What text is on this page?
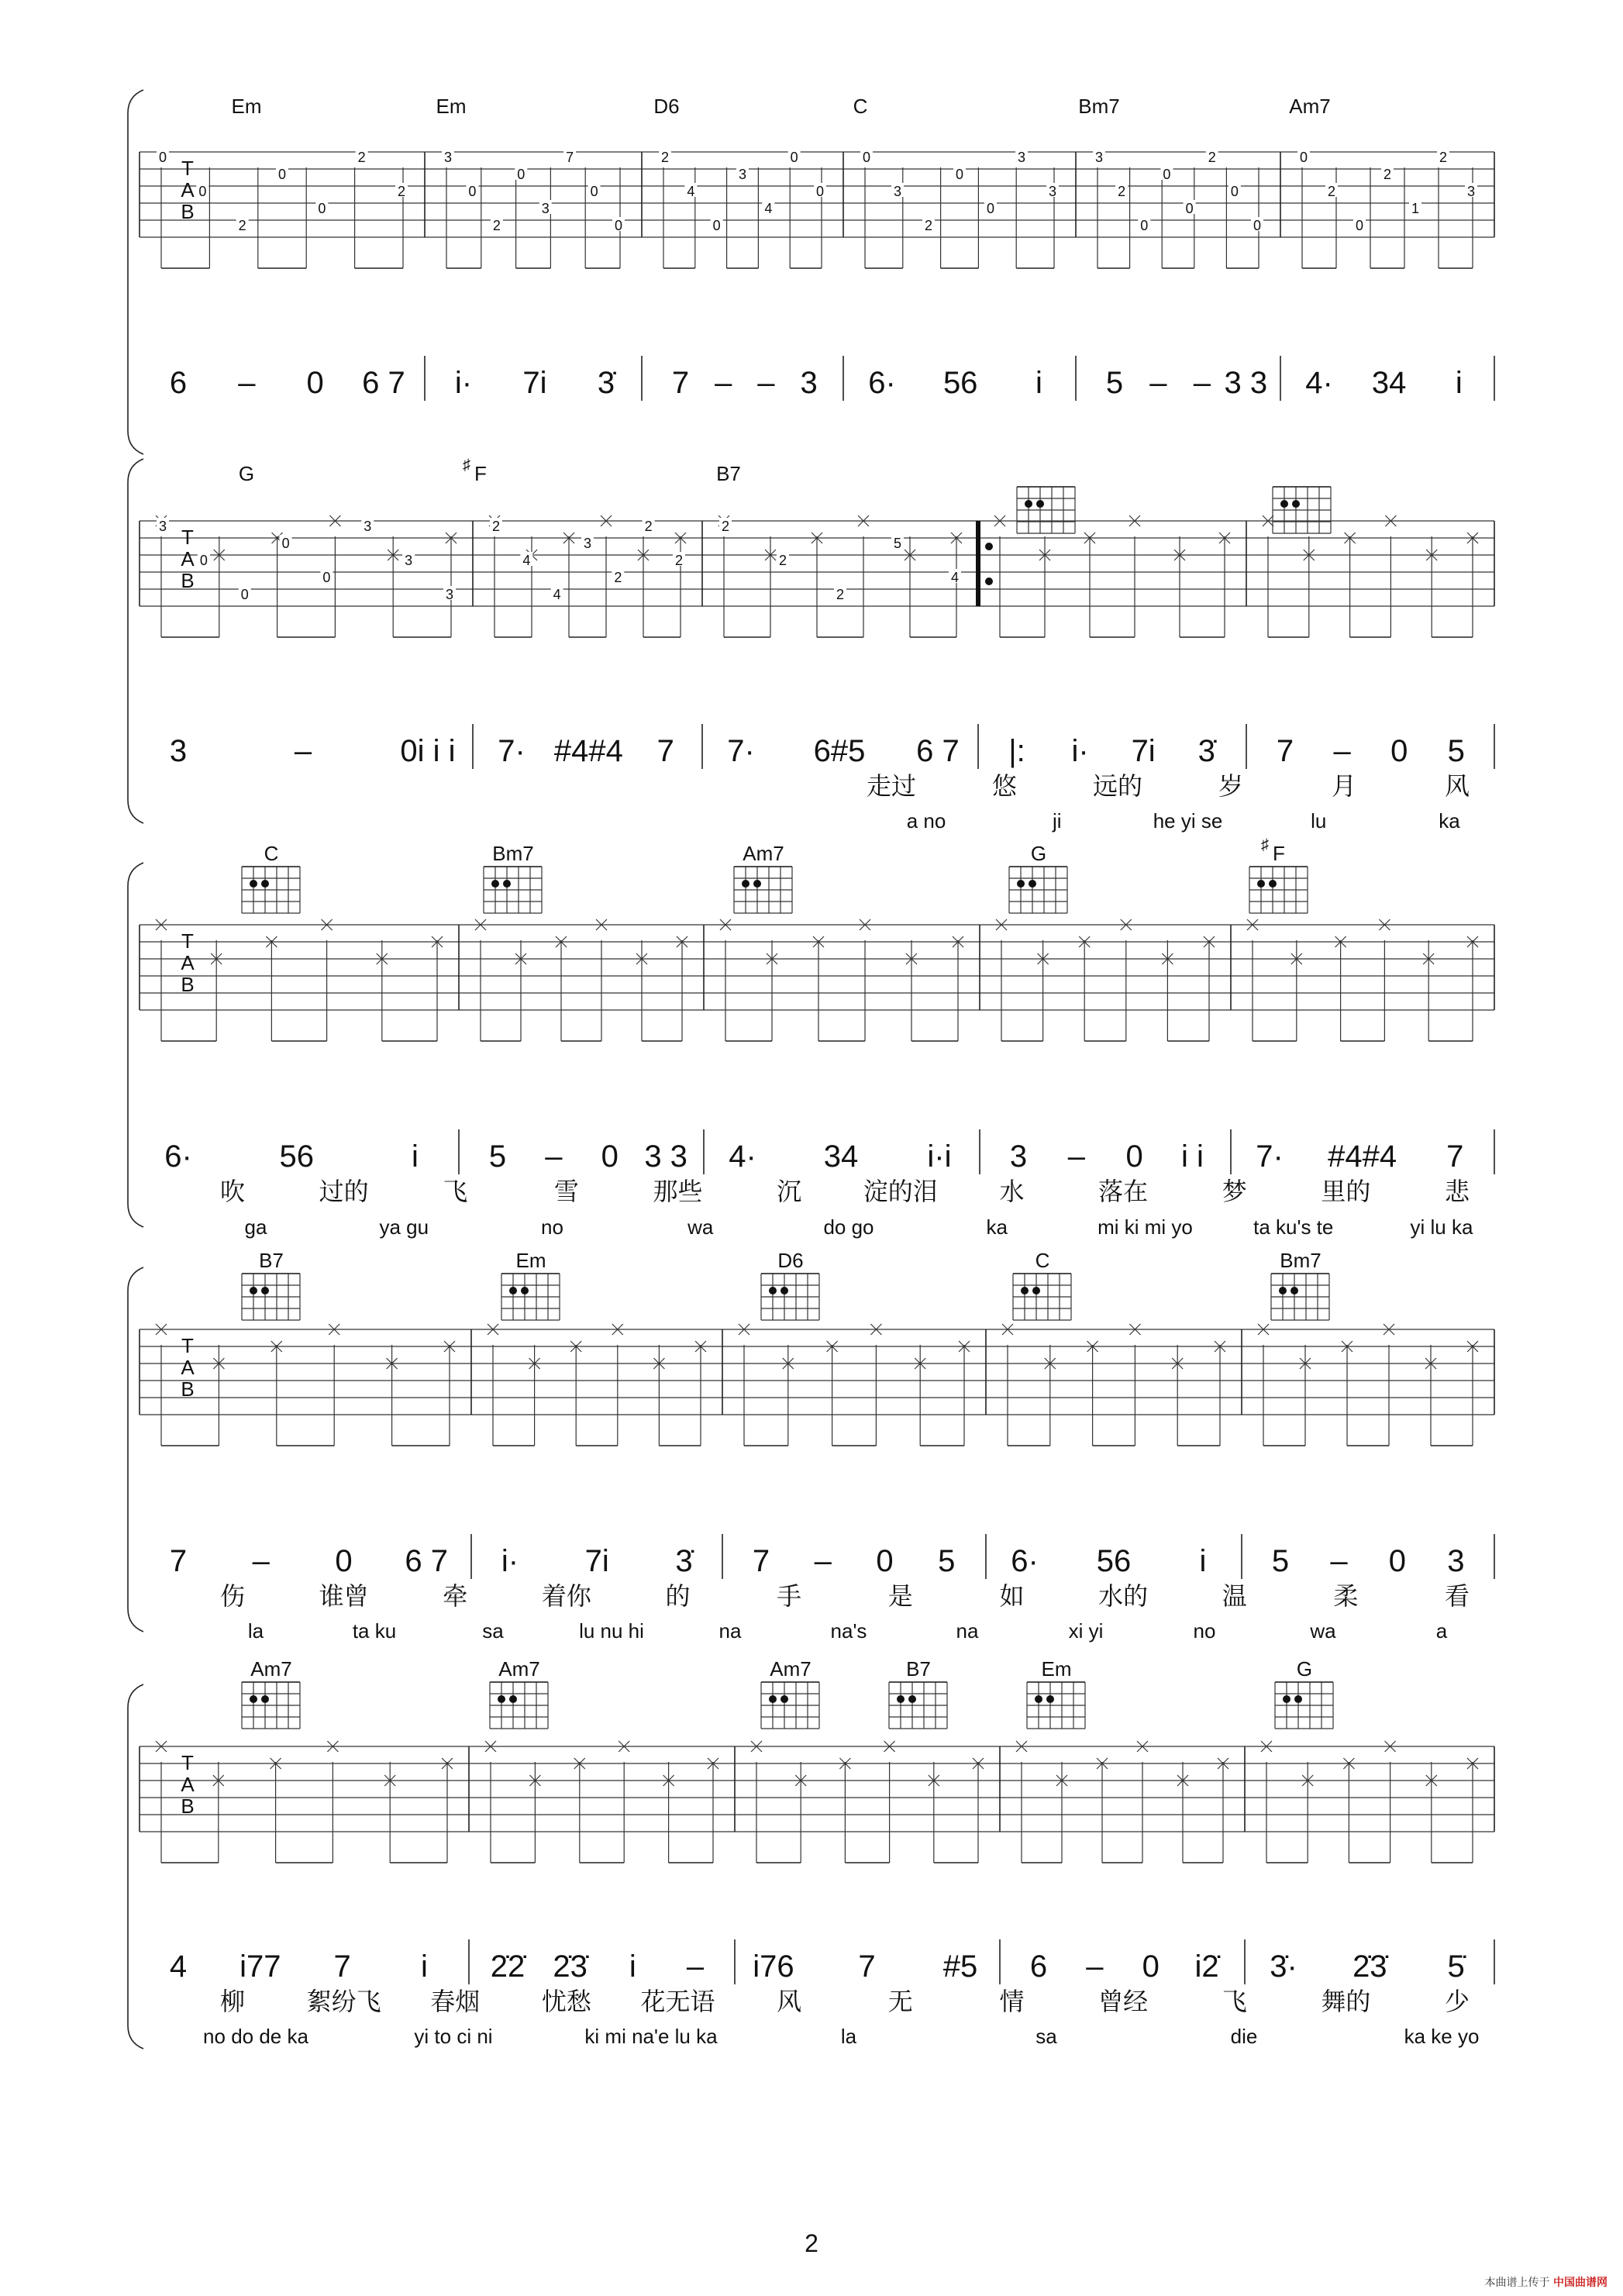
T
A
B
Em	Em	D6	C	Bm7	Am7
0
0
2
0
0
2
2
3
0
2
0
3
7
0
0
2
4
0
3
4
0
0
0
3
2
0
0
3
3
3
2
0
0
0
2
0
0
0
2
0
2
1
2
3
6 – 0 6 7 i· 7i 3̇ 7 – – 3 6· 56 i 5 – – 3 3 4· 34 i
T
A
B
G	F
♯	B7
3
0
0
0
0
3
3
3
2
4
4
3
2
2
2
2
2
2
5
4
3	–	0i i i 7· #4#4 7 7· 6#5 6 7 |: i· 7i 3̇ 7 – 0 5
走过	悠	远的	岁	月	风
a no	ji	he yi se	lu	ka
T
A
B
C	Bm7	Am7	G	F
♯
6·	56	i 5 – 0 3 3 4· 34 i·i 3 – 0 i i 7· #4#4 7
吹	过的	飞	雪	那些	沉 淀的泪 水	落在	梦	里的	悲
ga	ya gu	no	wa	do go	ka	mi ki mi yo	ta ku's te	yi lu ka
T
A
B
B7	Em	D6	C	Bm7
7 – 0 6 7 i· 7i 3̇ 7 – 0 5 6· 56 i 5 – 0 3
伤	谁曾	牵	着你	的	手	是	如	水的	温	柔	看
la	ta ku	sa	lu nu hi	na	na's	na	xi yi	no	wa	a
T
A
B
Am7	Am7	Am7	B7	Em	G
4 i77 7 i 2̇2̇ 2̇3̇ i – i76 7 #5 6 – 0 i2̇ 3̇· 2̇3̇ 5̇
柳 絮纷飞 春烟 忧愁 花无语 风	无	情	曾经	飞	舞的	少
no do de ka	yi to ci ni	ki mi na'e lu ka	la	sa	die	ka ke yo
2
本曲谱上传于 中国曲谱网
